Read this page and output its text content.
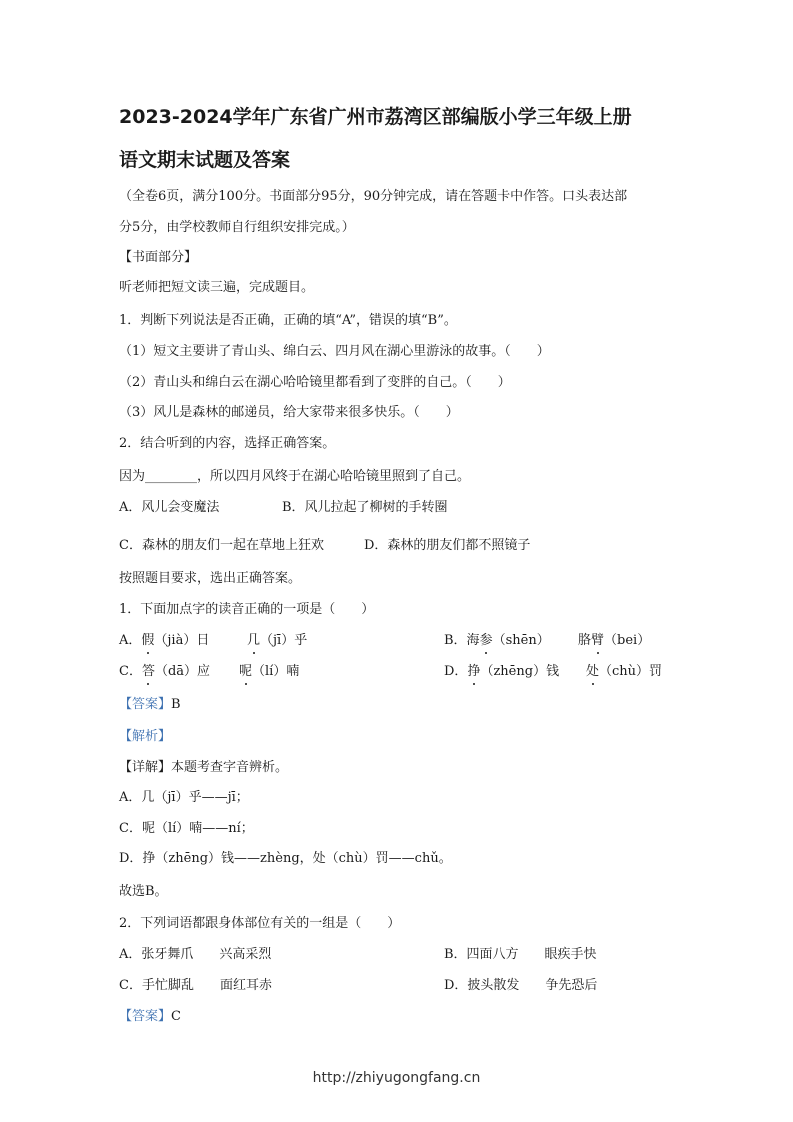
2023-2024学年广东省广州市荔湾区部编版小学三年级上册
语文期末试题及答案
（全卷6页，满分100分。书面部分95分，90分钟完成，请在答题卡中作答。口头表达部
分5分，由学校教师自行组织安排完成。）
【书面部分】
听老师把短文读三遍，完成题目。
1．判断下列说法是否正确，正确的填“A”，错误的填“B”。
（1）短文主要讲了青山头、绵白云、四月风在湖心里游泳的故事。（　　）
（2）青山头和绵白云在湖心哈哈镜里都看到了变胖的自己。（　　）
（3）风儿是森林的邮递员，给大家带来很多快乐。（　　）
2．结合听到的内容，选择正确答案。
因为________，所以四月风终于在湖心哈哈镜里照到了自己。
A．风儿会变魔法	B．风儿拉起了柳树的手转圈
C．森林的朋友们一起在草地上狂欢	D．森林的朋友们都不照镜子
按照题目要求，选出正确答案。
1．下面加点字的读音正确的一项是（　　）
A．假（jià）日	几（jī）乎	B．海参（shēn） 胳臂（bei）
C．答（dā）应 呢（lí）喃	D．挣（zhēng）钱 处（chù）罚
【答案】B
【解析】
【详解】本题考查字音辨析。
A．几（jī）乎——jī；
C．呢（lí）喃——ní；
D．挣（zhēng）钱——zhèng，处（chù）罚——chǔ。
故选B。
2．下列词语都跟身体部位有关的一组是（　　）
A．张牙舞爪　　兴高采烈	B．四面八方　　眼疾手快
C．手忙脚乱　　面红耳赤	D．披头散发　　争先恐后
【答案】C
http://zhiyugongfang.cn
